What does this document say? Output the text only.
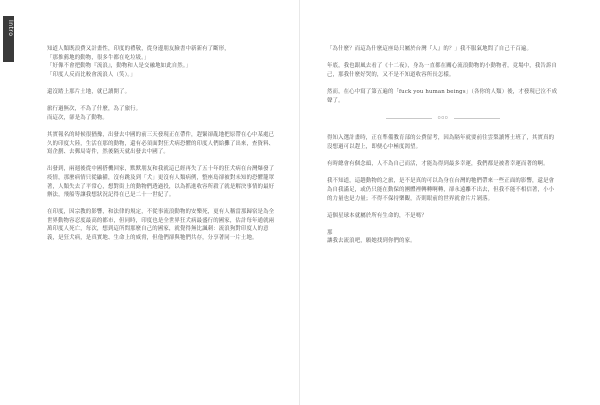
Intro

知道人類既浪費又計畫性，印度的禮敬，從身邊朋友臉書中新新有了斷形，
「那推薦地的動物，很多牛都在吃垃圾。」
「好像不會把動物『流浪』，動物和人是交融地如此自然。」
「印度人反而比較會流浪人（笑）。」

還沒踏上那片土地，就已讀開了。

旅行過無次，不為了什麼，為了旅行。
而這次，卻是為了動物。

其實報名的時候很猶豫，出發去中國的前三天發現正在帶件，趕緊卻亂地把原帶在心中某處已久的印度大陸，生活在那的動物，還有必須面對狂犬病恐懼的印度人們給攤了出來，查資料、寫企劃、去郵局寄件，然後隔天就出發去中國了。

出發到，兩週後從中國搭機回家，默默朋友和我就這已經再失了五十年的狂犬病在台灣爆發了疫情，那麼病情只從鼬獾，沒有跳及到「犬」更沒有人類病例，整座島卻被對未知的恐懼籠罩著，人類失去了平常心，想對街上的動物們透過投，以為抓進收容所殺了就是解決事情的最好辦法，飛船等讓我想狀況記得在已是二十一世紀了。

在印度，因宗教的影響，和法律的規定，不從事流浪動物的安樂死，更有人稱當那歸宿是為全世界動物容忍度最高的都市，但同時，印度也是全世界狂犬病最盛行的國家，估計每年通就兩萬印度人死亡，每次，想到這所問那麼自己的國家，就覺得無比諷刺：流浪狗對印度人的意義，是狂犬病，是真實地、生命上的威脅，但他們卻與牠們共存，分享著同一片土地。

「為什麼？而這為什麼這座島只屬於台灣『人』的？」我不服氣地問了自己千百遍。

年底，我也跟風去看了《十二夜》，身為一直都在關心流浪動物的小動物者，竟場中，我告訴自己，那我什麼好哭的，又不是不知道收容所長怎樣。

然而，在心中寫了第五遍的「fuck you human beings」（各你的人類）後，才發現已泣不成聲了。

ooo

得知入選計畫時，正在準備教育部的公費留考，因為隔年就要前往雲梨讀博士班了，其實真的沒想過可以趕上，即便心中極度渴望。

有時總會有個念頭，人不為自己而活，才能為得到最多幸運，我們都是被著幸運而著的啊。

我不知道，這趟動物的之旅，是不是真的可以為身在台灣的牠們帶來一些正面的影響，還是會為自我滿足，或仍只能在動保的團體裡轉轉啊轉，卻永遠離不出去，但我不能不相信著，小小的力量也是力量；不得不保持樂觀，否則眼前的世界就會片片剝落。

這個星球本就屬於所有生命的，不是嗎？

那
讓我去流浪吧，願她找到你們的家。
